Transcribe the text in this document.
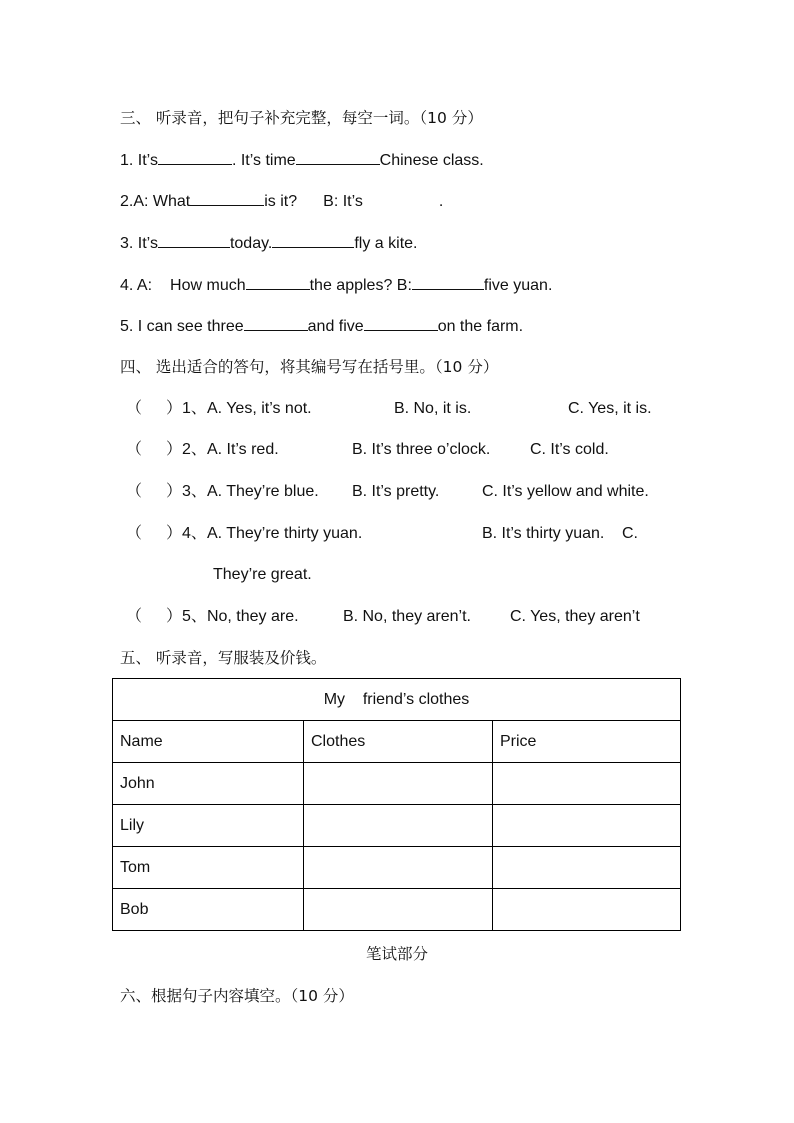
三、 听录音，把句子补充完整，每空一词。（10 分）
1. It’s	. It’s time	Chinese class.
2.A: What	is it? B: It’s	.
3. It’s	today.	fly a kite.
4. A: How much	the apples? B:	five yuan.
5. I can see three	and five	on the farm.
四、 选出适合的答句，将其编号写在括号里。（10 分）
（ ）1、A. Yes, it’s not.	B. No, it is.	C. Yes, it is.
（ ）2、A. It’s red.	B. It’s three o’clock. C. It’s cold.
（ ）3、A. They’re blue. B. It’s pretty.	C. It’s yellow and white.
（ ）4、A. They’re thirty yuan.	B. It’s thirty yuan. C.
They’re great.
（ ）5、No, they are.	B. No, they aren’t. C. Yes, they aren’t
五、 听录音，写服装及价钱。
My    friend’s clothes		
Name	Clothes	Price
John		
Lily		
Tom		
Bob		
笔试部分
六、根据句子内容填空。（10 分）
